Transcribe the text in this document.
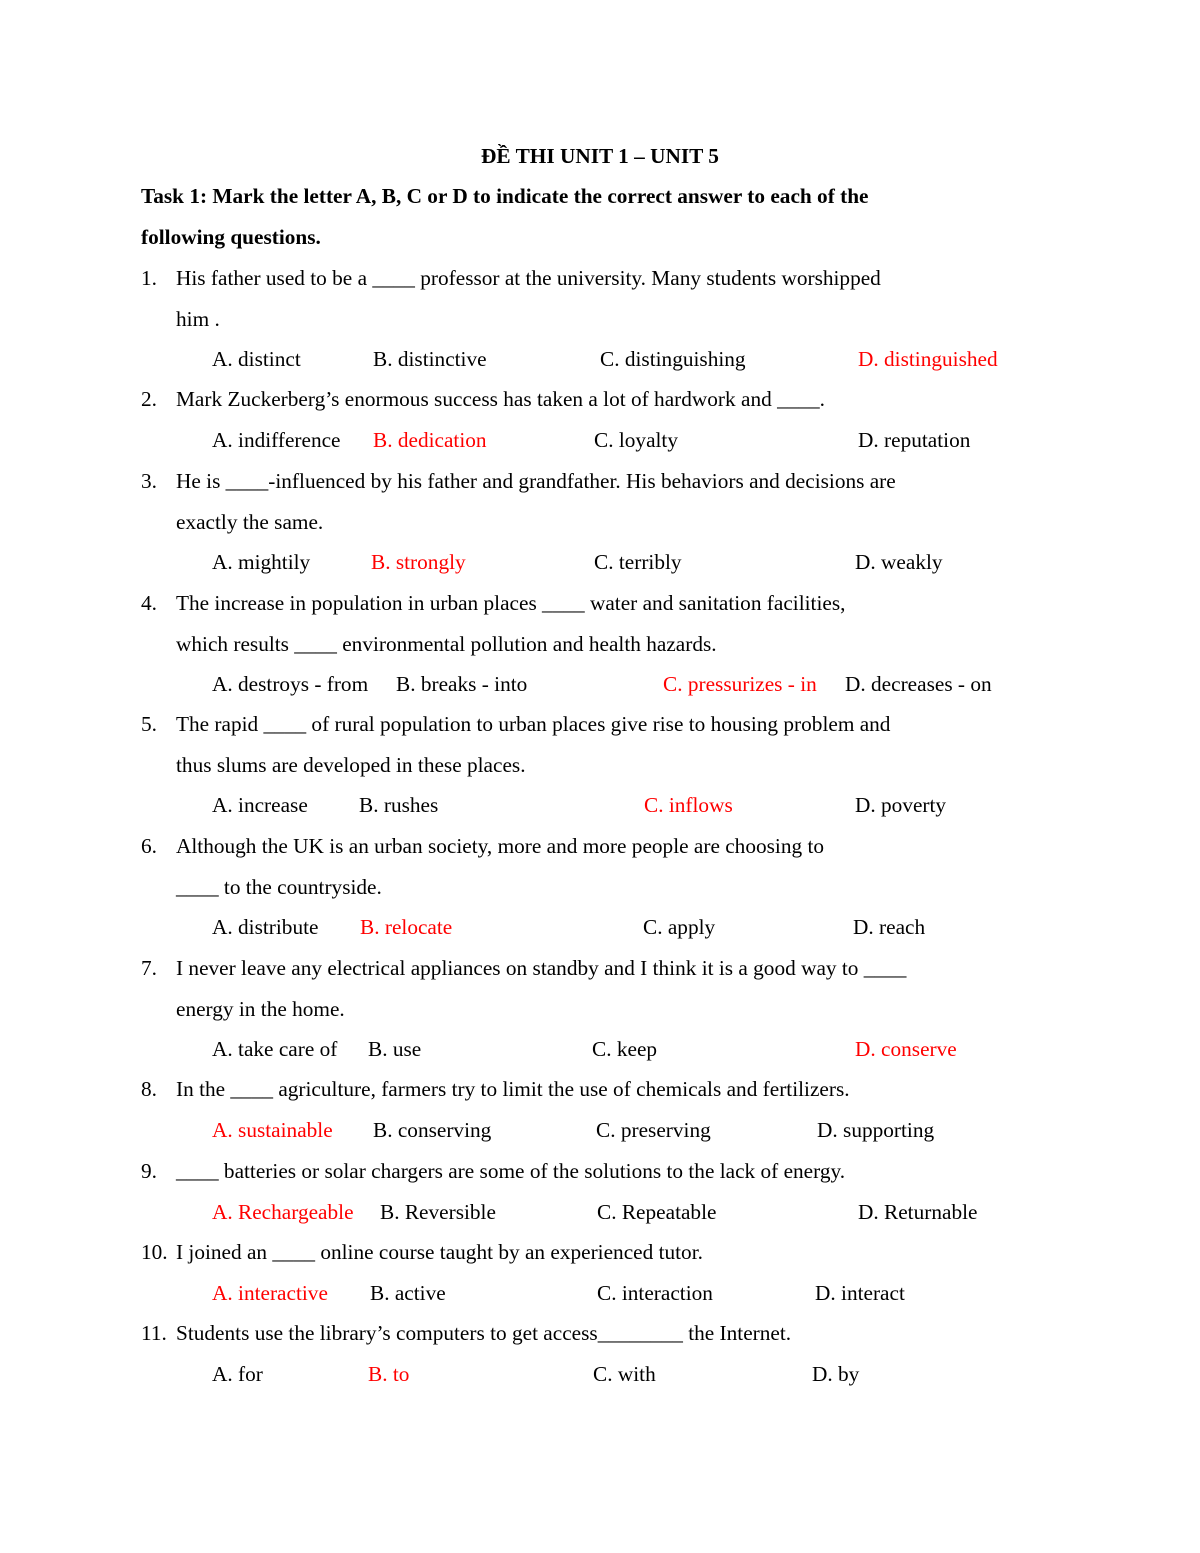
ĐỀ THI UNIT 1 – UNIT 5
Task 1: Mark the letter A, B, C or D to indicate the correct answer to each of the
following questions.
1. His father used to be a ____ professor at the university. Many students worshipped
him .
A. distinct	B. distinctive	C. distinguishing	D. distinguished
2. Mark Zuckerberg’s enormous success has taken a lot of hardwork and ____.
A. indifference B. dedication	C. loyalty	D. reputation
3. He is ____-influenced by his father and grandfather. His behaviors and decisions are
exactly the same.
A. mightily	B. strongly	C. terribly	D. weakly
4. The increase in population in urban places ____ water and sanitation facilities,
which results ____ environmental pollution and health hazards.
A. destroys - from B. breaks - into	C. pressurizes - in D. decreases - on
5. The rapid ____ of rural population to urban places give rise to housing problem and
thus slums are developed in these places.
A. increase B. rushes	C. inflows	D. poverty
6. Although the UK is an urban society, more and more people are choosing to
____ to the countryside.
A. distribute B. relocate	C. apply	D. reach
7. I never leave any electrical appliances on standby and I think it is a good way to ____
energy in the home.
A. take care of B. use	C. keep	D. conserve
8. In the ____ agriculture, farmers try to limit the use of chemicals and fertilizers.
A. sustainable B. conserving	C. preserving	D. supporting
9. ____ batteries or solar chargers are some of the solutions to the lack of energy.
A. Rechargeable B. Reversible	C. Repeatable	D. Returnable
10. I joined an ____ online course taught by an experienced tutor.
A. interactive B. active	C. interaction	D. interact
11. Students use the library’s computers to get access________ the Internet.
A. for	B. to	C. with	D. by
